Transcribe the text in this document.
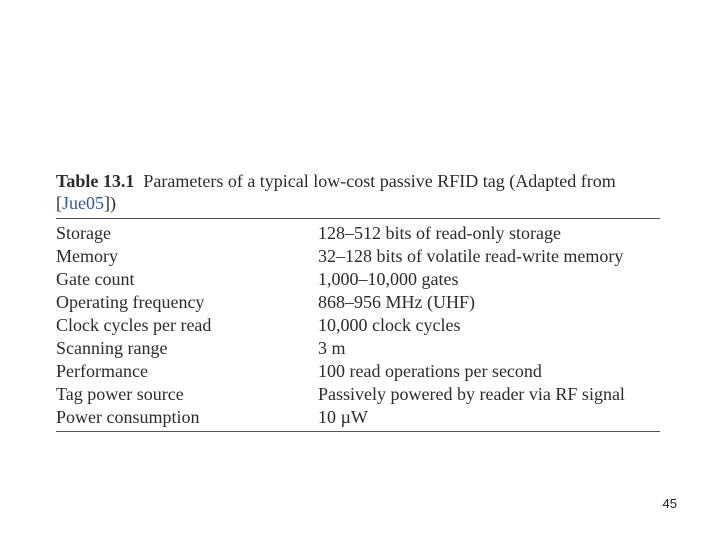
Table 13.1 Parameters of a typical low-cost passive RFID tag (Adapted from [Jue05])

Storage	128–512 bits of read-only storage
Memory	32–128 bits of volatile read-write memory
Gate count	1,000–10,000 gates
Operating frequency	868–956 MHz (UHF)
Clock cycles per read	10,000 clock cycles
Scanning range	3 m
Performance	100 read operations per second
Tag power source	Passively powered by reader via RF signal
Power consumption	10 µW
45
